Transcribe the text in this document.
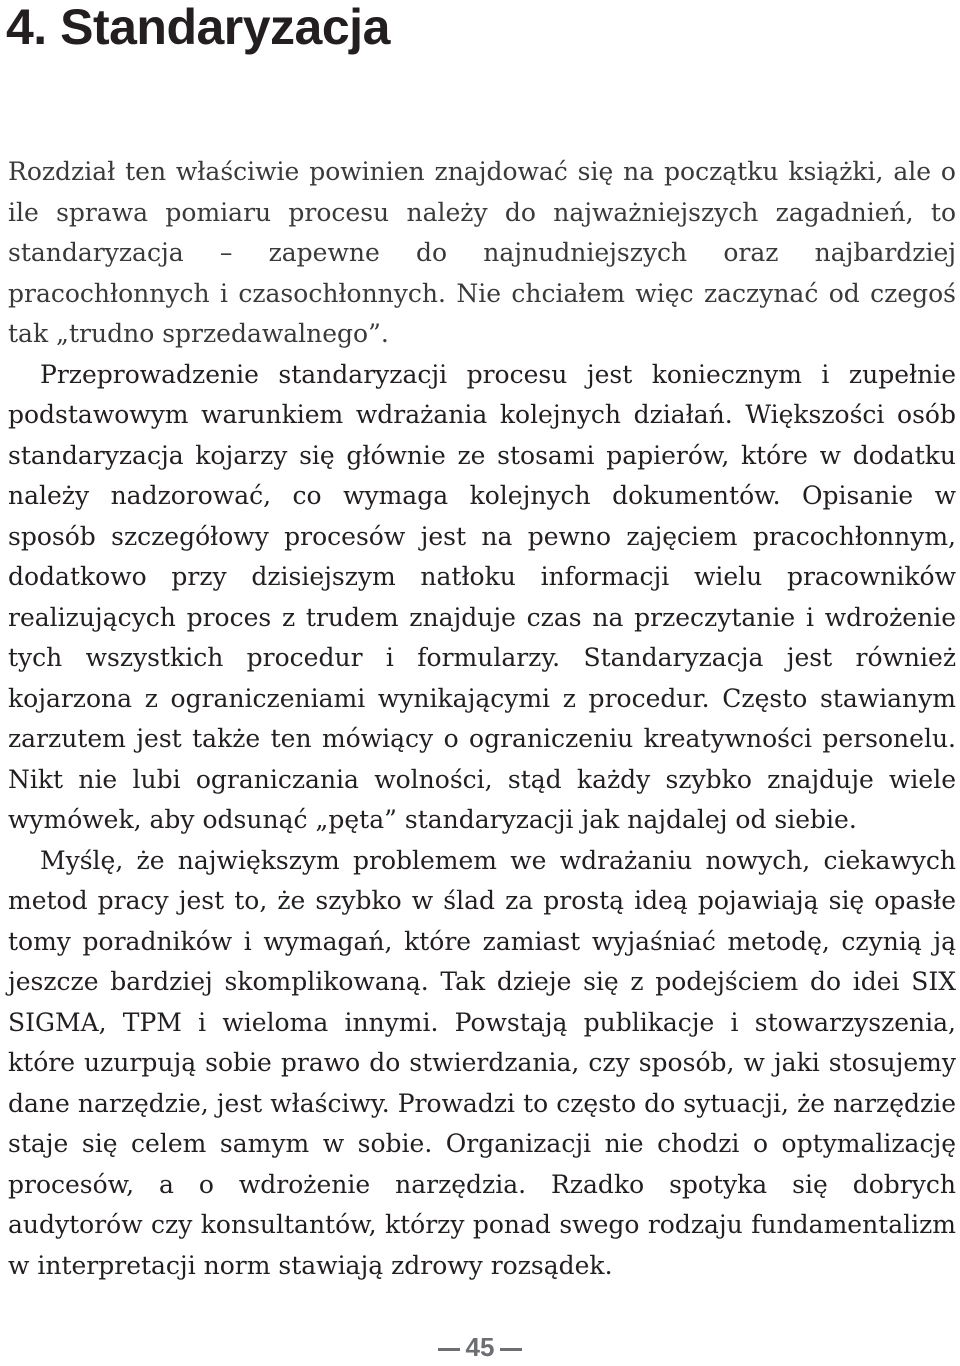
4. Standaryzacja

Rozdział ten właściwie powinien znajdować się na początku książki, ale o ile sprawa pomiaru procesu należy do najważniejszych zagadnień, to standaryzacja – zapewne do najnudniejszych oraz najbardziej pracochłonnych i czasochłonnych. Nie chciałem więc zaczynać od czegoś tak „trudno sprzedawalnego”.

Przeprowadzenie standaryzacji procesu jest koniecznym i zupełnie podstawowym warunkiem wdrażania kolejnych działań. Większości osób standaryzacja kojarzy się głównie ze stosami papierów, które w dodatku należy nadzorować, co wymaga kolejnych dokumentów. Opisanie w sposób szczegółowy procesów jest na pewno zajęciem pracochłonnym, dodatkowo przy dzisiejszym natłoku informacji wielu pracowników realizujących proces z trudem znajduje czas na przeczytanie i wdrożenie tych wszystkich procedur i formularzy. Standaryzacja jest również kojarzona z ograniczeniami wynikającymi z procedur. Często stawianym zarzutem jest także ten mówiący o ograniczeniu kreatywności personelu. Nikt nie lubi ograniczania wolności, stąd każdy szybko znajduje wiele wymówek, aby odsunąć „pęta” standaryzacji jak najdalej od siebie.

Myślę, że największym problemem we wdrażaniu nowych, ciekawych metod pracy jest to, że szybko w ślad za prostą ideą pojawiają się opasłe tomy poradników i wymagań, które zamiast wyjaśniać metodę, czynią ją jeszcze bardziej skomplikowaną. Tak dzieje się z podejściem do idei SIX SIGMA, TPM i wieloma innymi. Powstają publikacje i stowarzyszenia, które uzurpują sobie prawo do stwierdzania, czy sposób, w jaki stosujemy dane narzędzie, jest właściwy. Prowadzi to często do sytuacji, że narzędzie staje się celem samym w sobie. Organizacji nie chodzi o optymalizację procesów, a o wdrożenie narzędzia. Rzadko spotyka się dobrych audytorów czy konsultantów, którzy ponad swego rodzaju fundamentalizm w interpretacji norm stawiają zdrowy rozsądek.

45
